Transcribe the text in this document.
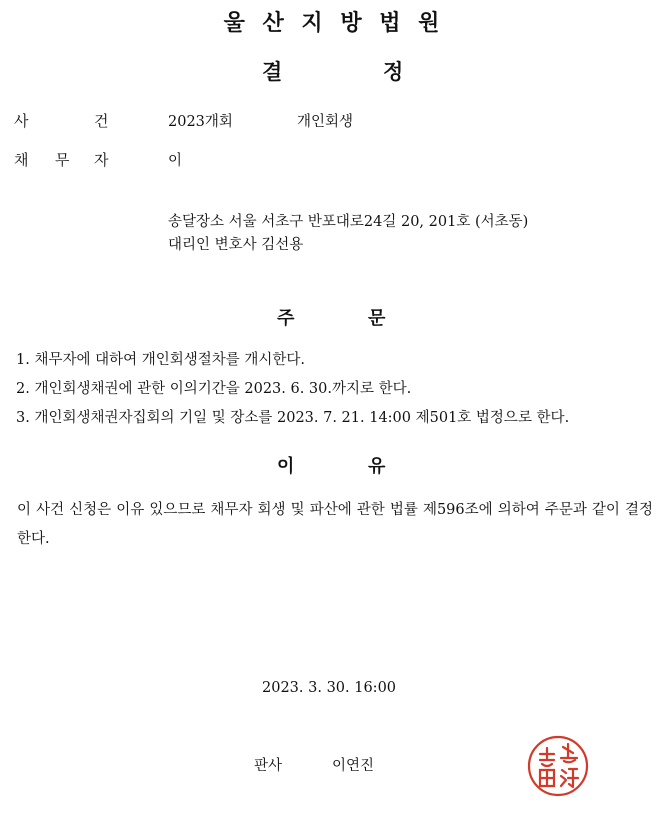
울 산 지 방 법 원
결	정
사	건	2023개회	개인회생
채 무 자	이
송달장소 서울 서초구 반포대로24길 20, 201호 (서초동)
대리인 변호사 김선용
주	문
1. 채무자에 대하여 개인회생절차를 개시한다.
2. 개인회생채권에 관한 이의기간을 2023. 6. 30.까지로 한다.
3. 개인회생채권자집회의 기일 및 장소를 2023. 7. 21. 14:00 제501호 법정으로 한다.
이	유
이 사건 신청은 이유 있으므로 채무자 회생 및 파산에 관한 법률 제596조에 의하여 주문과 같이 결정한다.
2023. 3. 30. 16:00
판사	이연진
